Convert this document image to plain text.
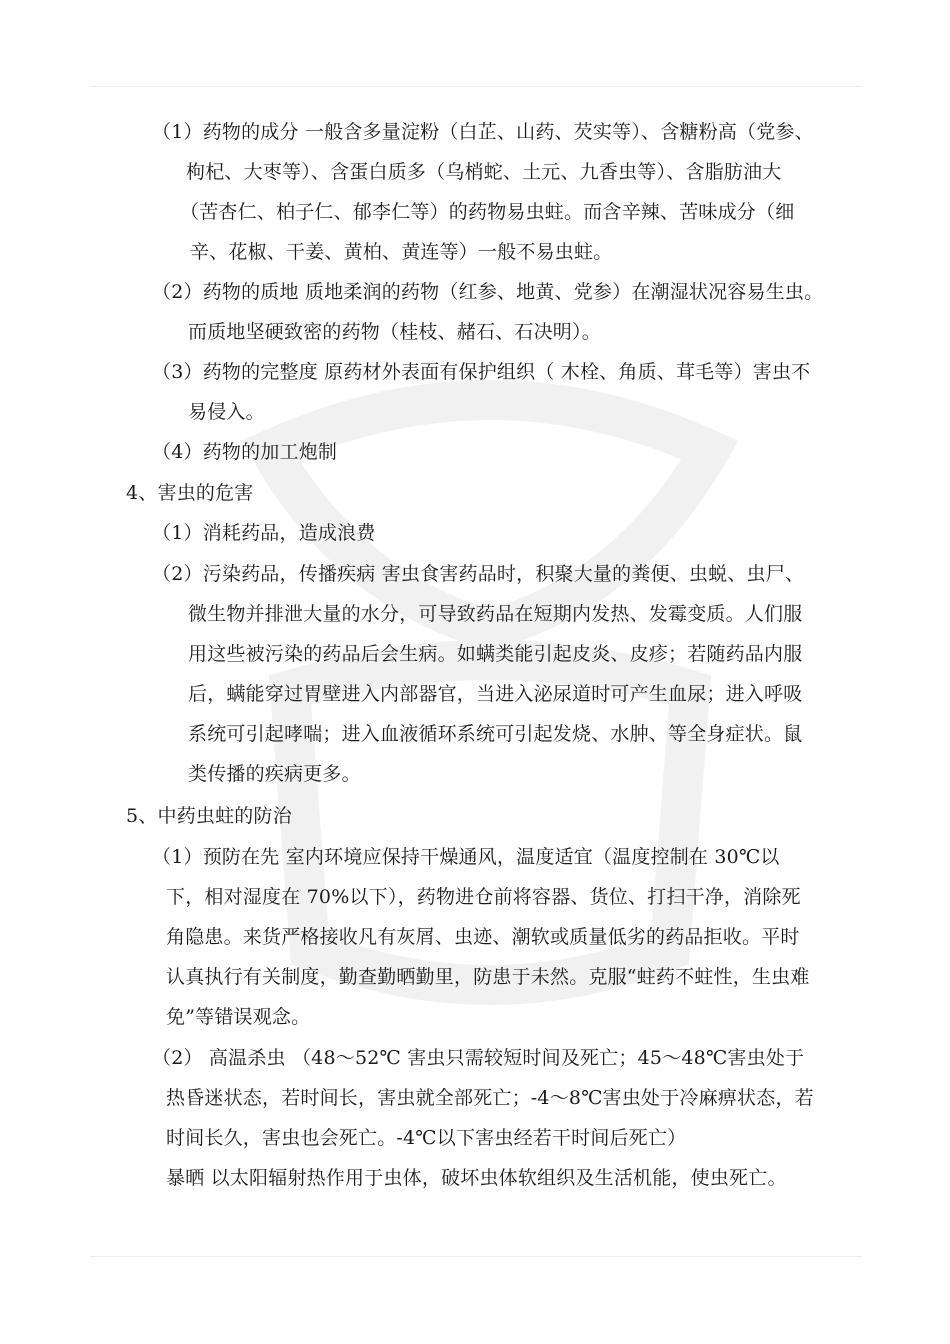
（1）药物的成分 一般含多量淀粉（白芷、山药、芡实等）、含糖粉高（党参、
枸杞、大枣等）、含蛋白质多（乌梢蛇、土元、九香虫等）、含脂肪油大
（苦杏仁、柏子仁、郁李仁等）的药物易虫蛀。而含辛辣、苦味成分（细
辛、花椒、干姜、黄柏、黄连等）一般不易虫蛀。
（2）药物的质地 质地柔润的药物（红参、地黄、党参）在潮湿状况容易生虫。
而质地坚硬致密的药物（桂枝、赭石、石决明）。
（3）药物的完整度 原药材外表面有保护组织（ 木栓、角质、茸毛等）害虫不
易侵入。
（4）药物的加工炮制
4、害虫的危害
（1）消耗药品，造成浪费
（2）污染药品，传播疾病 害虫食害药品时，积聚大量的粪便、虫蜕、虫尸、
微生物并排泄大量的水分，可导致药品在短期内发热、发霉变质。人们服
用这些被污染的药品后会生病。如螨类能引起皮炎、皮疹；若随药品内服
后，螨能穿过胃壁进入内部器官，当进入泌尿道时可产生血尿；进入呼吸
系统可引起哮喘；进入血液循环系统可引起发烧、水肿、等全身症状。鼠
类传播的疾病更多。
5、中药虫蛀的防治
（1）预防在先 室内环境应保持干燥通风，温度适宜（温度控制在 30℃以
下，相对湿度在 70%以下），药物进仓前将容器、货位、打扫干净，消除死
角隐患。来货严格接收凡有灰屑、虫迹、潮软或质量低劣的药品拒收。平时
认真执行有关制度，勤查勤晒勤里，防患于未然。克服“蛀药不蛀性，生虫难
免”等错误观念。
（2） 高温杀虫 （48～52℃ 害虫只需较短时间及死亡；45～48℃害虫处于
热昏迷状态，若时间长，害虫就全部死亡；-4～8℃害虫处于冷麻痹状态，若
时间长久，害虫也会死亡。-4℃以下害虫经若干时间后死亡）
暴晒 以太阳辐射热作用于虫体，破坏虫体软组织及生活机能，使虫死亡。
